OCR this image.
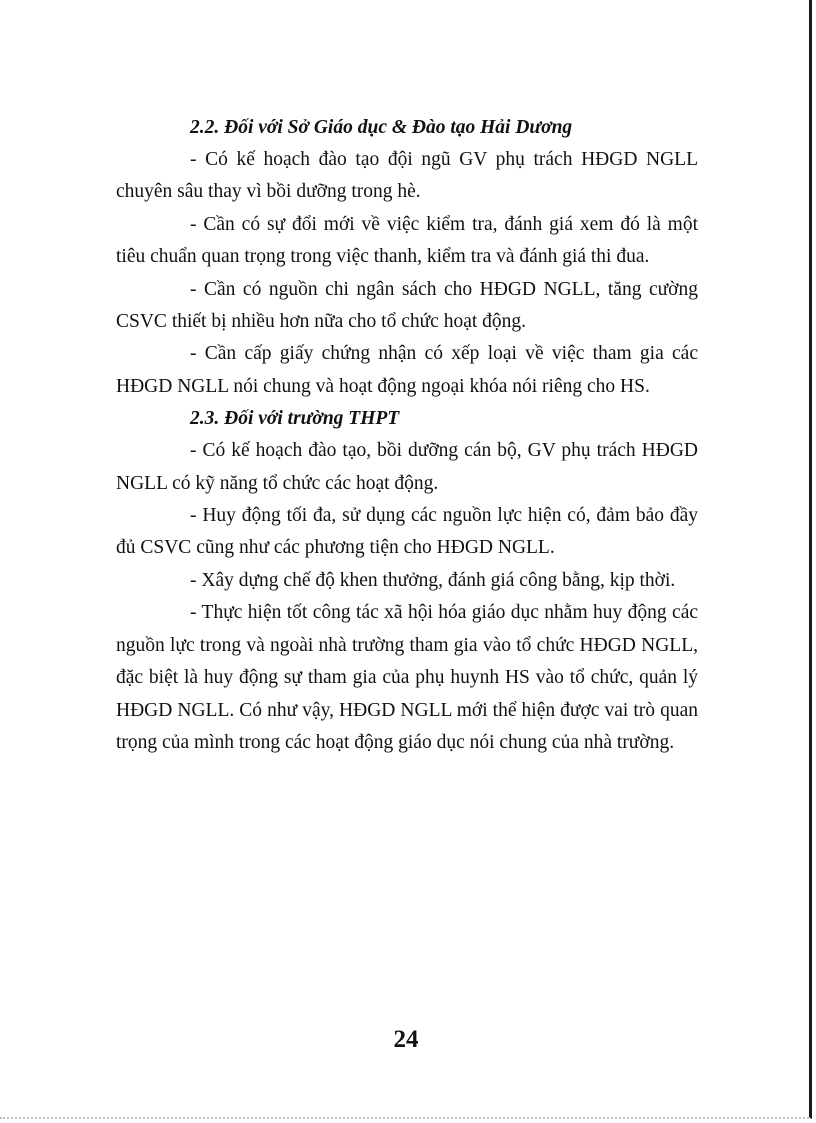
2.2. Đối với Sở Giáo dục & Đào tạo Hải Dương

- Có kế hoạch đào tạo đội ngũ GV phụ trách HĐGD NGLL chuyên sâu thay vì bồi dưỡng trong hè.

- Cần có sự đổi mới về việc kiểm tra, đánh giá xem đó là một tiêu chuẩn quan trọng trong việc thanh, kiểm tra và đánh giá thi đua.

- Cần có nguồn chi ngân sách cho HĐGD NGLL, tăng cường CSVC thiết bị nhiều hơn nữa cho tổ chức hoạt động.

- Cần cấp giấy chứng nhận có xếp loại về việc tham gia các HĐGD NGLL nói chung và hoạt động ngoại khóa nói riêng cho HS.

2.3. Đối với trường THPT

- Có kế hoạch đào tạo, bồi dưỡng cán bộ, GV phụ trách HĐGD NGLL có kỹ năng tổ chức các hoạt động.

- Huy động tối đa, sử dụng các nguồn lực hiện có, đảm bảo đầy đủ CSVC cũng như các phương tiện cho HĐGD NGLL.

- Xây dựng chế độ khen thưởng, đánh giá công bằng, kịp thời.

- Thực hiện tốt công tác xã hội hóa giáo dục nhằm huy động các nguồn lực trong và ngoài nhà trường tham gia vào tổ chức HĐGD NGLL, đặc biệt là huy động sự tham gia của phụ huynh HS vào tổ chức, quản lý HĐGD NGLL. Có như vậy, HĐGD NGLL mới thể hiện được vai trò quan trọng của mình trong các hoạt động giáo dục nói chung của nhà trường.

24
